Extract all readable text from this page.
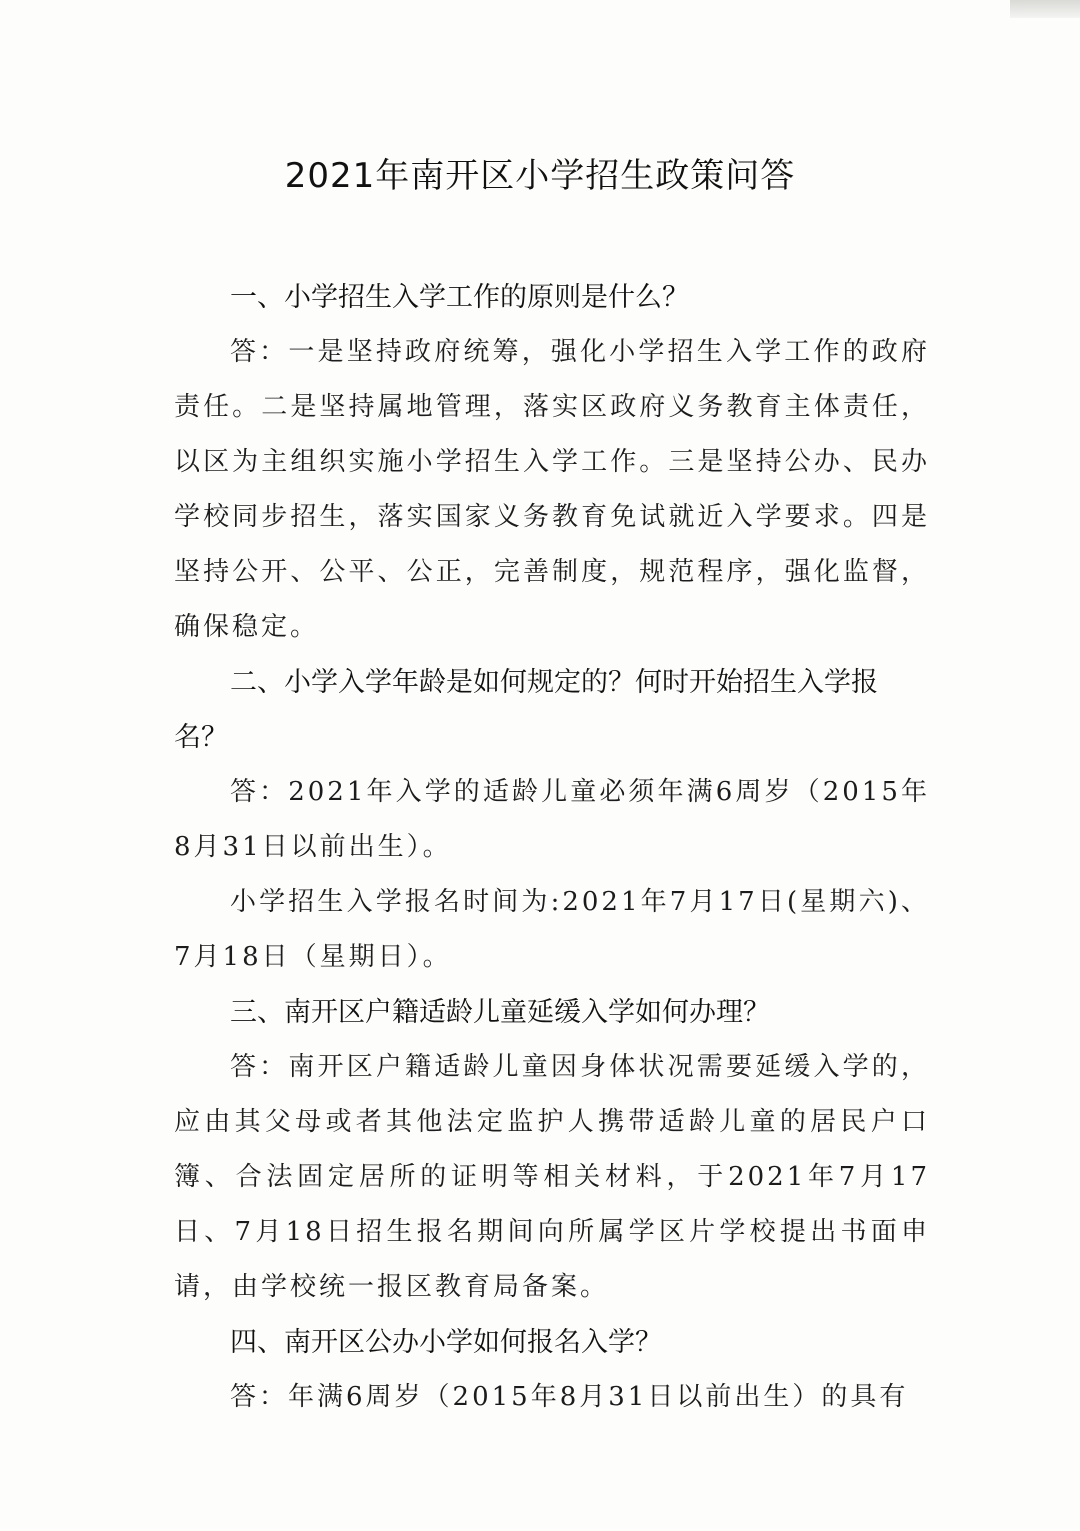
2021年南开区小学招生政策问答

一、小学招生入学工作的原则是什么？

答：一是坚持政府统筹，强化小学招生入学工作的政府责任。二是坚持属地管理，落实区政府义务教育主体责任，以区为主组织实施小学招生入学工作。三是坚持公办、民办学校同步招生，落实国家义务教育免试就近入学要求。四是坚持公开、公平、公正，完善制度，规范程序，强化监督，确保稳定。

二、小学入学年龄是如何规定的？何时开始招生入学报名？

答：2021年入学的适龄儿童必须年满6周岁（2015年8月31日以前出生）。

小学招生入学报名时间为:2021年7月17日(星期六)、7月18日（星期日）。

三、南开区户籍适龄儿童延缓入学如何办理？

答：南开区户籍适龄儿童因身体状况需要延缓入学的，应由其父母或者其他法定监护人携带适龄儿童的居民户口簿、合法固定居所的证明等相关材料，于2021年7月17日、7月18日招生报名期间向所属学区片学校提出书面申请，由学校统一报区教育局备案。

四、南开区公办小学如何报名入学？

答：年满6周岁（2015年8月31日以前出生）的具有
